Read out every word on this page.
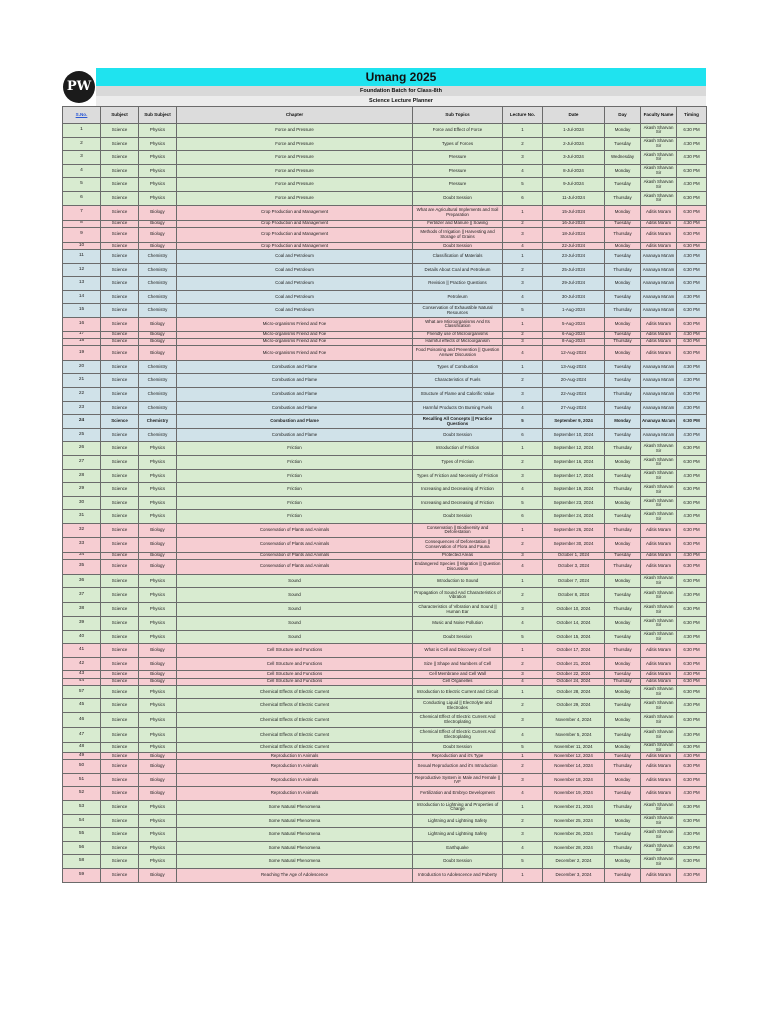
PW
Umang 2025
Foundation Batch for Class-8th
Science Lecture Planner
S.No.	Subject	Sub Subject	Chapter	Sub Topics	Lecture No.	Date	Day	Faculty Name	Timing
1	Science	Physics	Force and Pressure	Force and Effect of Force	1	1-Jul-2024	Monday	Akash Sharvan Sir	6:30 PM
2	Science	Physics	Force and Pressure	Types of Forces	2	2-Jul-2024	Tuesday	Akash Sharvan Sir	4:30 PM
3	Science	Physics	Force and Pressure	Pressure	3	3-Jul-2024	Wednesday	Akash Sharvan Sir	4:30 PM
4	Science	Physics	Force and Pressure	Pressure	4	8-Jul-2024	Monday	Akash Sharvan Sir	6:30 PM
5	Science	Physics	Force and Pressure	Pressure	5	9-Jul-2024	Tuesday	Akash Sharvan Sir	4:30 PM
6	Science	Physics	Force and Pressure	Doubt Session	6	11-Jul-2024	Thursday	Akash Sharvan Sir	6:30 PM
7	Science	Biology	Crop Production and Management	What are Agricultural Implements and Soil Preparation	1	15-Jul-2024	Monday	Aditis Ma'am	6:30 PM
8	Science	Biology	Crop Production and Management	Fertilizer and Manure || Sowing	2	16-Jul-2024	Tuesday	Aditis Ma'am	4:30 PM
9	Science	Biology	Crop Production and Management	Methods of Irrigation || Harvesting and Storage of Grains	3	18-Jul-2024	Thursday	Aditis Ma'am	6:30 PM
10	Science	Biology	Crop Production and Management	Doubt Session	4	22-Jul-2024	Monday	Aditis Ma'am	6:30 PM
11	Science	Chemistry	Coal and Petroleum	Classification of Materials	1	23-Jul-2024	Tuesday	Ananaya Ma'am	4:30 PM
12	Science	Chemistry	Coal and Petroleum	Details About Coal and Petroleum	2	25-Jul-2024	Thursday	Ananaya Ma'am	6:30 PM
13	Science	Chemistry	Coal and Petroleum	Revision || Practice Questions	3	29-Jul-2024	Monday	Ananaya Ma'am	6:30 PM
14	Science	Chemistry	Coal and Petroleum	Petroleum	4	30-Jul-2024	Tuesday	Ananaya Ma'am	4:30 PM
15	Science	Chemistry	Coal and Petroleum	Conservation of Exhaustible Natural Resources	5	1-Aug-2024	Thursday	Ananaya Ma'am	6:30 PM
16	Science	Biology	Micro-organisms Friend and Foe	What are Microorganisms And Its Classification	1	5-Aug-2024	Monday	Aditis Ma'am	6:30 PM
17	Science	Biology	Micro-organisms Friend and Foe	Friendly use of Microorganisms	2	6-Aug-2024	Tuesday	Aditis Ma'am	4:30 PM
18	Science	Biology	Micro-organisms Friend and Foe	Harmful effects of Microorganism	3	8-Aug-2024	Thursday	Aditis Ma'am	6:30 PM
19	Science	Biology	Micro-organisms Friend and Foe	Food Poisoning and Prevention || Question Answer Discussion	4	12-Aug-2024	Monday	Aditis Ma'am	6:30 PM
20	Science	Chemistry	Combustion and Flame	Types of Combustion	1	13-Aug-2024	Tuesday	Ananaya Ma'am	4:30 PM
21	Science	Chemistry	Combustion and Flame	Characteristics of Fuels	2	20-Aug-2024	Tuesday	Ananaya Ma'am	4:30 PM
22	Science	Chemistry	Combustion and Flame	Structure of Flame and Calorific Value	3	22-Aug-2024	Thursday	Ananaya Ma'am	6:30 PM
23	Science	Chemistry	Combustion and Flame	Harmful Products On Burning Fuels	4	27-Aug-2024	Tuesday	Ananaya Ma'am	4:30 PM
24	Science	Chemistry	Combustion and Flame	Recalling All Concepts || Practice Questions	5	September 9, 2024	Monday	Ananaya Ma'am	6:30 PM
25	Science	Chemistry	Combustion and Flame	Doubt Session	6	September 10, 2024	Tuesday	Ananaya Ma'am	4:30 PM
26	Science	Physics	Friction	Introduction of Friction	1	September 12, 2024	Thursday	Akash Sharvan Sir	6:30 PM
27	Science	Physics	Friction	Types of Friction	2	September 16, 2024	Monday	Akash Sharvan Sir	6:30 PM
28	Science	Physics	Friction	Types of Friction and Necessity of Friction	3	September 17, 2024	Tuesday	Akash Sharvan Sir	4:30 PM
29	Science	Physics	Friction	Increasing and Decreasing of Friction	4	September 19, 2024	Thursday	Akash Sharvan Sir	6:30 PM
30	Science	Physics	Friction	Increasing and Decreasing of Friction	5	September 23, 2024	Monday	Akash Sharvan Sir	6:30 PM
31	Science	Physics	Friction	Doubt Session	6	September 24, 2024	Tuesday	Akash Sharvan Sir	4:30 PM
32	Science	Biology	Conservation of Plants and Animals	Conservation || Biodiversity and Deforestation	1	September 26, 2024	Thursday	Aditis Ma'am	6:30 PM
33	Science	Biology	Conservation of Plants and Animals	Consequences of Deforestation || Conservation of Flora and Fauna	2	September 30, 2024	Monday	Aditis Ma'am	6:30 PM
34	Science	Biology	Conservation of Plants and Animals	Protected Areas	3	October 1, 2024	Tuesday	Aditis Ma'am	4:30 PM
35	Science	Biology	Conservation of Plants and Animals	Endangered Species || Migration || Question Discussion	4	October 3, 2024	Thursday	Aditis Ma'am	6:30 PM
36	Science	Physics	Sound	Introduction to Sound	1	October 7, 2024	Monday	Akash Sharvan Sir	6:30 PM
37	Science	Physics	Sound	Propagation of Sound And Characteristics of Vibration	2	October 8, 2024	Tuesday	Akash Sharvan Sir	4:30 PM
38	Science	Physics	Sound	Characteristics of Vibration and Sound || Human Ear	3	October 10, 2024	Thursday	Akash Sharvan Sir	6:30 PM
39	Science	Physics	Sound	Music and Noise Pollution	4	October 14, 2024	Monday	Akash Sharvan Sir	6:30 PM
40	Science	Physics	Sound	Doubt Session	5	October 15, 2024	Tuesday	Akash Sharvan Sir	4:30 PM
41	Science	Biology	Cell Structure and Functions	What is Cell and Discovery of Cell	1	October 17, 2024	Thursday	Aditis Ma'am	6:30 PM
42	Science	Biology	Cell Structure and Functions	Size || Shape and Numbers of Cell	2	October 21, 2024	Monday	Aditis Ma'am	6:30 PM
43	Science	Biology	Cell Structure and Functions	Cell Membrane and Cell Wall	3	October 22, 2024	Tuesday	Aditis Ma'am	4:30 PM
44	Science	Biology	Cell Structure and Functions	Cell Organelles	4	October 24, 2024	Thursday	Aditis Ma'am	6:30 PM
57	Science	Physics	Chemical Effects of Electric Current	Introduction to Electric Current and Circuit	1	October 28, 2024	Monday	Akash Sharvan Sir	6:30 PM
45	Science	Physics	Chemical Effects of Electric Current	Conducting Liquid || Electrolyte and Electrodes	2	October 29, 2024	Tuesday	Akash Sharvan Sir	4:30 PM
46	Science	Physics	Chemical Effects of Electric Current	Chemical Effect of Electric Current And Electroplating	3	November 4, 2024	Monday	Akash Sharvan Sir	6:30 PM
47	Science	Physics	Chemical Effects of Electric Current	Chemical Effect of Electric Current And Electroplating	4	November 5, 2024	Tuesday	Akash Sharvan Sir	4:30 PM
48	Science	Physics	Chemical Effects of Electric Current	Doubt Session	5	November 11, 2024	Monday	Akash Sharvan Sir	6:30 PM
49	Science	Biology	Reproduction In Animals	Reproduction and it's Type	1	November 12, 2024	Tuesday	Aditis Ma'am	4:30 PM
50	Science	Biology	Reproduction In Animals	Sexual Reproduction and it's Introduction	2	November 14, 2024	Thursday	Aditis Ma'am	6:30 PM
51	Science	Biology	Reproduction In Animals	Reproductive System in Male and Female || IVF	3	November 18, 2024	Monday	Aditis Ma'am	6:30 PM
52	Science	Biology	Reproduction In Animals	Fertilization and Embryo Development	4	November 19, 2024	Tuesday	Aditis Ma'am	4:30 PM
53	Science	Physics	Some Natural Phenomena	Introduction to Lightning and Properties of Charge	1	November 21, 2024	Thursday	Akash Sharvan Sir	6:30 PM
54	Science	Physics	Some Natural Phenomena	Lightning and Lightning Safety	2	November 25, 2024	Monday	Akash Sharvan Sir	6:30 PM
55	Science	Physics	Some Natural Phenomena	Lightning and Lightning Safety	3	November 26, 2024	Tuesday	Akash Sharvan Sir	4:30 PM
56	Science	Physics	Some Natural Phenomena	Earthquake	4	November 28, 2024	Thursday	Akash Sharvan Sir	6:30 PM
58	Science	Physics	Some Natural Phenomena	Doubt Session	5	December 2, 2024	Monday	Akash Sharvan Sir	6:30 PM
59	Science	Biology	Reaching The Age of Adolescence	Introduction to Adolescence and Puberty	1	December 3, 2024	Tuesday	Aditis Ma'am	4:30 PM
